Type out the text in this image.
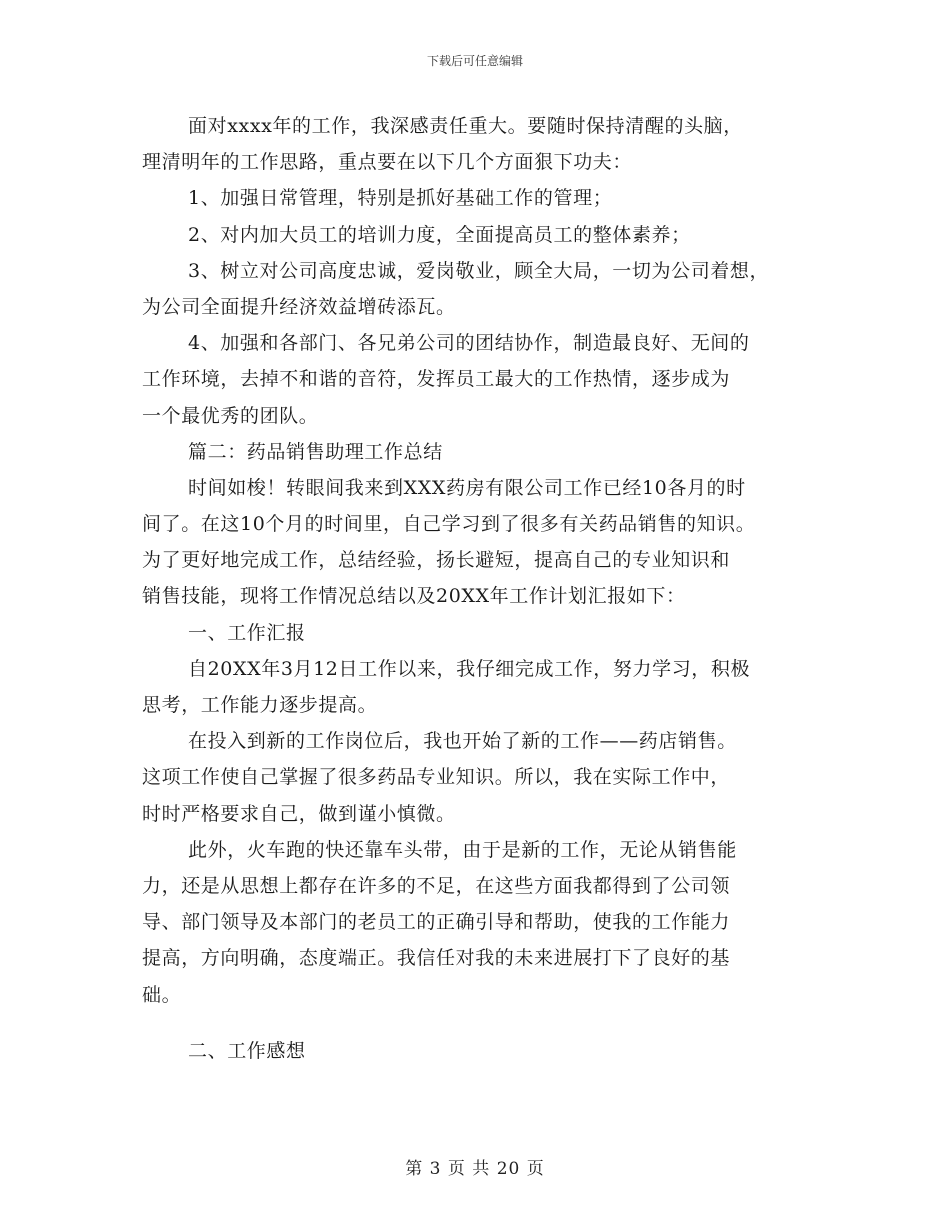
下载后可任意编辑
面对xxxx年的工作，我深感责任重大。要随时保持清醒的头脑，
理清明年的工作思路，重点要在以下几个方面狠下功夫：
1、加强日常管理，特别是抓好基础工作的管理；
2、对内加大员工的培训力度，全面提高员工的整体素养；
3、树立对公司高度忠诚，爱岗敬业，顾全大局，一切为公司着想，
为公司全面提升经济效益增砖添瓦。
4、加强和各部门、各兄弟公司的团结协作，制造最良好、无间的
工作环境，去掉不和谐的音符，发挥员工最大的工作热情，逐步成为
一个最优秀的团队。
篇二：药品销售助理工作总结
时间如梭！转眼间我来到XXX药房有限公司工作已经10各月的时
间了。在这10个月的时间里，自己学习到了很多有关药品销售的知识。
为了更好地完成工作，总结经验，扬长避短，提高自己的专业知识和
销售技能，现将工作情况总结以及20XX年工作计划汇报如下：
一、工作汇报
自20XX年3月12日工作以来，我仔细完成工作，努力学习，积极
思考，工作能力逐步提高。
在投入到新的工作岗位后，我也开始了新的工作——药店销售。
这项工作使自己掌握了很多药品专业知识。所以，我在实际工作中，
时时严格要求自己，做到谨小慎微。
此外，火车跑的快还靠车头带，由于是新的工作，无论从销售能
力，还是从思想上都存在许多的不足，在这些方面我都得到了公司领
导、部门领导及本部门的老员工的正确引导和帮助，使我的工作能力
提高，方向明确，态度端正。我信任对我的未来进展打下了良好的基
础。
二、工作感想
第 3 页 共 20 页
